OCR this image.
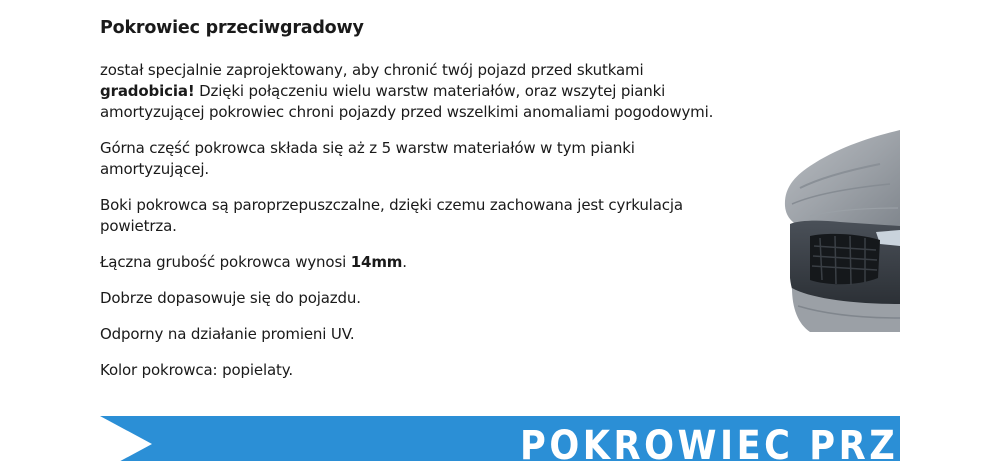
Pokrowiec przeciwgradowy

został specjalnie zaprojektowany, aby chronić twój pojazd przed skutkami
gradobicia! Dzięki połączeniu wielu warstw materiałów, oraz wszytej pianki
amortyzującej pokrowiec chroni pojazdy przed wszelkimi anomaliami pogodowymi.

Górna część pokrowca składa się aż z 5 warstw materiałów w tym pianki
amortyzującej.

Boki pokrowca są paroprzepuszczalne, dzięki czemu zachowana jest cyrkulacja
powietrza.

Łączna grubość pokrowca wynosi 14mm.

Dobrze dopasowuje się do pojazdu.

Odporny na działanie promieni UV.

Kolor pokrowca: popielaty.

POKROWIEC PRZEC
